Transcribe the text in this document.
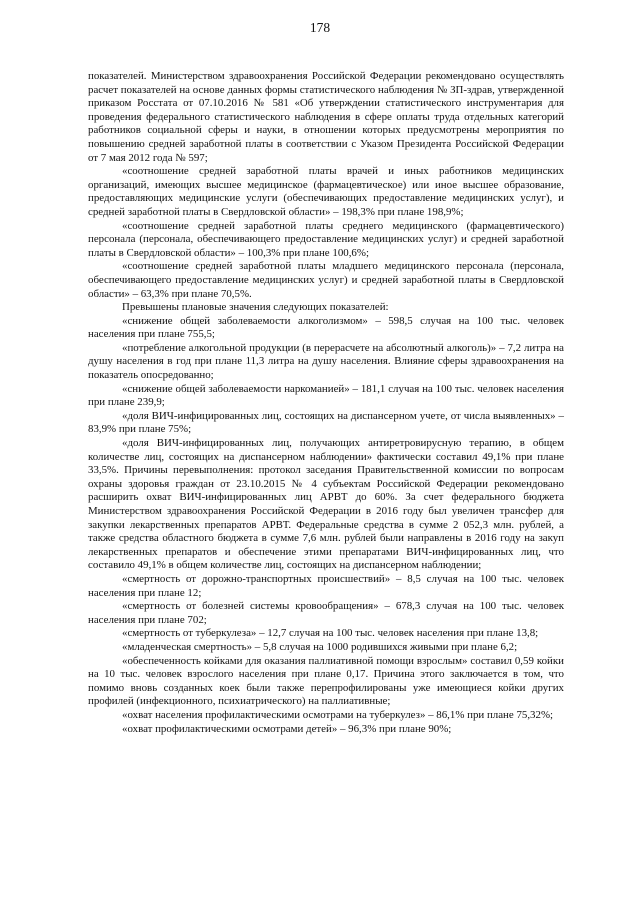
178

показателей. Министерством здравоохранения Российской Федерации рекомендовано осуществлять расчет показателей на основе данных формы статистического наблюдения № ЗП-здрав, утвержденной приказом Росстата от 07.10.2016 № 581 «Об утверждении статистического инструментария для проведения федерального статистического наблюдения в сфере оплаты труда отдельных категорий работников социальной сферы и науки, в отношении которых предусмотрены мероприятия по повышению средней заработной платы в соответствии с Указом Президента Российской Федерации от 7 мая 2012 года № 597;

«соотношение средней заработной платы врачей и иных работников медицинских организаций, имеющих высшее медицинское (фармацевтическое) или иное высшее образование, предоставляющих медицинские услуги (обеспечивающих предоставление медицинских услуг), и средней заработной платы в Свердловской области» – 198,3% при плане 198,9%;

«соотношение средней заработной платы среднего медицинского (фармацевтического) персонала (персонала, обеспечивающего предоставление медицинских услуг) и средней заработной платы в Свердловской области» – 100,3% при плане 100,6%;

«соотношение средней заработной платы младшего медицинского персонала (персонала, обеспечивающего предоставление медицинских услуг) и средней заработной платы в Свердловской области» – 63,3% при плане 70,5%.

Превышены плановые значения следующих показателей:

«снижение общей заболеваемости алкоголизмом» – 598,5 случая на 100 тыс. человек населения при плане 755,5;

«потребление алкогольной продукции (в перерасчете на абсолютный алкоголь)» – 7,2 литра на душу населения в год при плане 11,3 литра на душу населения. Влияние сферы здравоохранения на показатель опосредованно;

«снижение общей заболеваемости наркоманией» – 181,1 случая на 100 тыс. человек населения при плане 239,9;

«доля ВИЧ-инфицированных лиц, состоящих на диспансерном учете, от числа выявленных» – 83,9% при плане 75%;

«доля ВИЧ-инфицированных лиц, получающих антиретровирусную терапию, в общем количестве лиц, состоящих на диспансерном наблюдении» фактически составил 49,1% при плане 33,5%. Причины перевыполнения: протокол заседания Правительственной комиссии по вопросам охраны здоровья граждан от 23.10.2015 № 4 субъектам Российской Федерации рекомендовано расширить охват ВИЧ-инфицированных лиц АРВТ до 60%. За счет федерального бюджета Министерством здравоохранения Российской Федерации в 2016 году был увеличен трансфер для закупки лекарственных препаратов АРВТ. Федеральные средства в сумме 2 052,3 млн. рублей, а также средства областного бюджета в сумме 7,6 млн. рублей были направлены в 2016 году на закуп лекарственных препаратов и обеспечение этими препаратами ВИЧ-инфицированных лиц, что составило 49,1% в общем количестве лиц, состоящих на диспансерном наблюдении;

«смертность от дорожно-транспортных происшествий» – 8,5 случая на 100 тыс. человек населения при плане 12;

«смертность от болезней системы кровообращения» – 678,3 случая на 100 тыс. человек населения при плане 702;

«смертность от туберкулеза» – 12,7 случая на 100 тыс. человек населения при плане 13,8;

«младенческая смертность» – 5,8 случая на 1000 родившихся живыми при плане 6,2;

«обеспеченность койками для оказания паллиативной помощи взрослым» составил 0,59 койки на 10 тыс. человек взрослого населения при плане 0,17. Причина этого заключается в том, что помимо вновь созданных коек были также перепрофилированы уже имеющиеся койки других профилей (инфекционного, психиатрического) на паллиативные;

«охват населения профилактическими осмотрами на туберкулез» – 86,1% при плане 75,32%;

«охват профилактическими осмотрами детей» – 96,3% при плане 90%;
